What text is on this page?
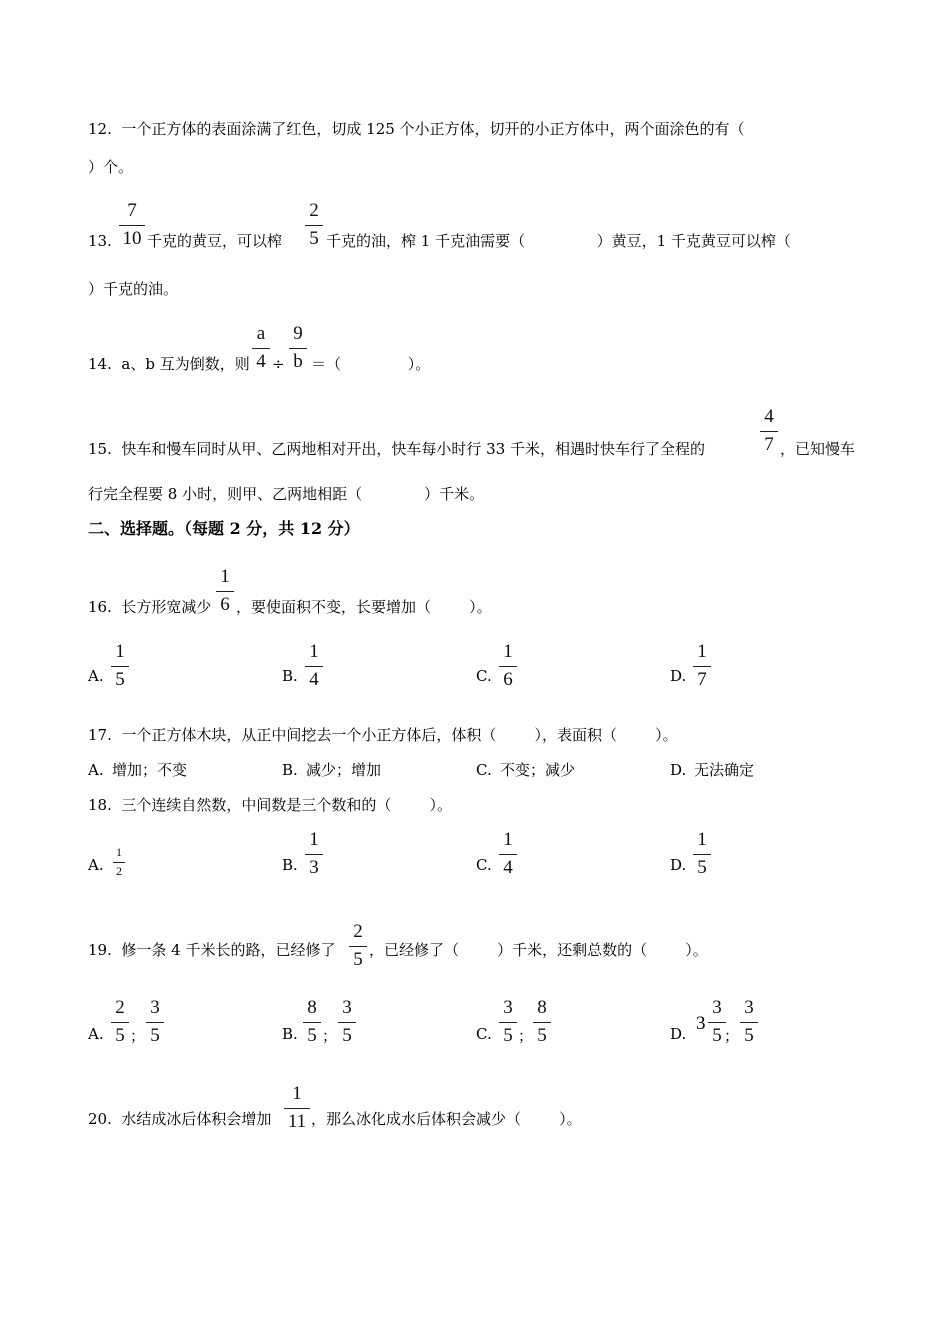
12.  一个正方体的表面涂满了红色，切成 125 个小正方体，切开的小正方体中，两个面涂色的有（
）个。
13.
7
10 千克的黄豆，可以榨
2
5 千克的油，榨 1 千克油需要（               ）黄豆，1 千克黄豆可以榨（
）千克的油。
14.  a、b 互为倒数，则
a
4 ÷
9
b ＝（              ）。
15.  快车和慢车同时从甲、乙两地相对开出，快车每小时行 33 千米，相遇时快车行了全程的
4
7 ，已知慢车
行完全程要 8 小时，则甲、乙两地相距（             ）千米。
二、选择题。（每题 2 分，共 12 分）
16.  长方形宽减少
1
6 ，要使面积不变，长要增加（        ）。
A.
1
5	B.
1
4	C.
1
6	D.
1
7
17.  一个正方体木块，从正中间挖去一个小正方体后，体积（        ），表面积（        ）。
A. 增加；不变	B. 减少；增加	C. 不变；减少	D. 无法确定
18.  三个连续自然数，中间数是三个数和的（        ）。
A.
1
2	B.
1
3	C.
1
4	D.
1
5
19.  修一条 4 千米长的路，已经修了
2
5 ，已经修了（        ）千米，还剩总数的（        ）。
A.
2
5 ；
3
5	B.
8
5 ；
3
5	C.
3
5 ；
8
5	D. 3
3
5 ；
3
5
20.  水结成冰后体积会增加
1
11 ，那么冰化成水后体积会减少（        ）。
